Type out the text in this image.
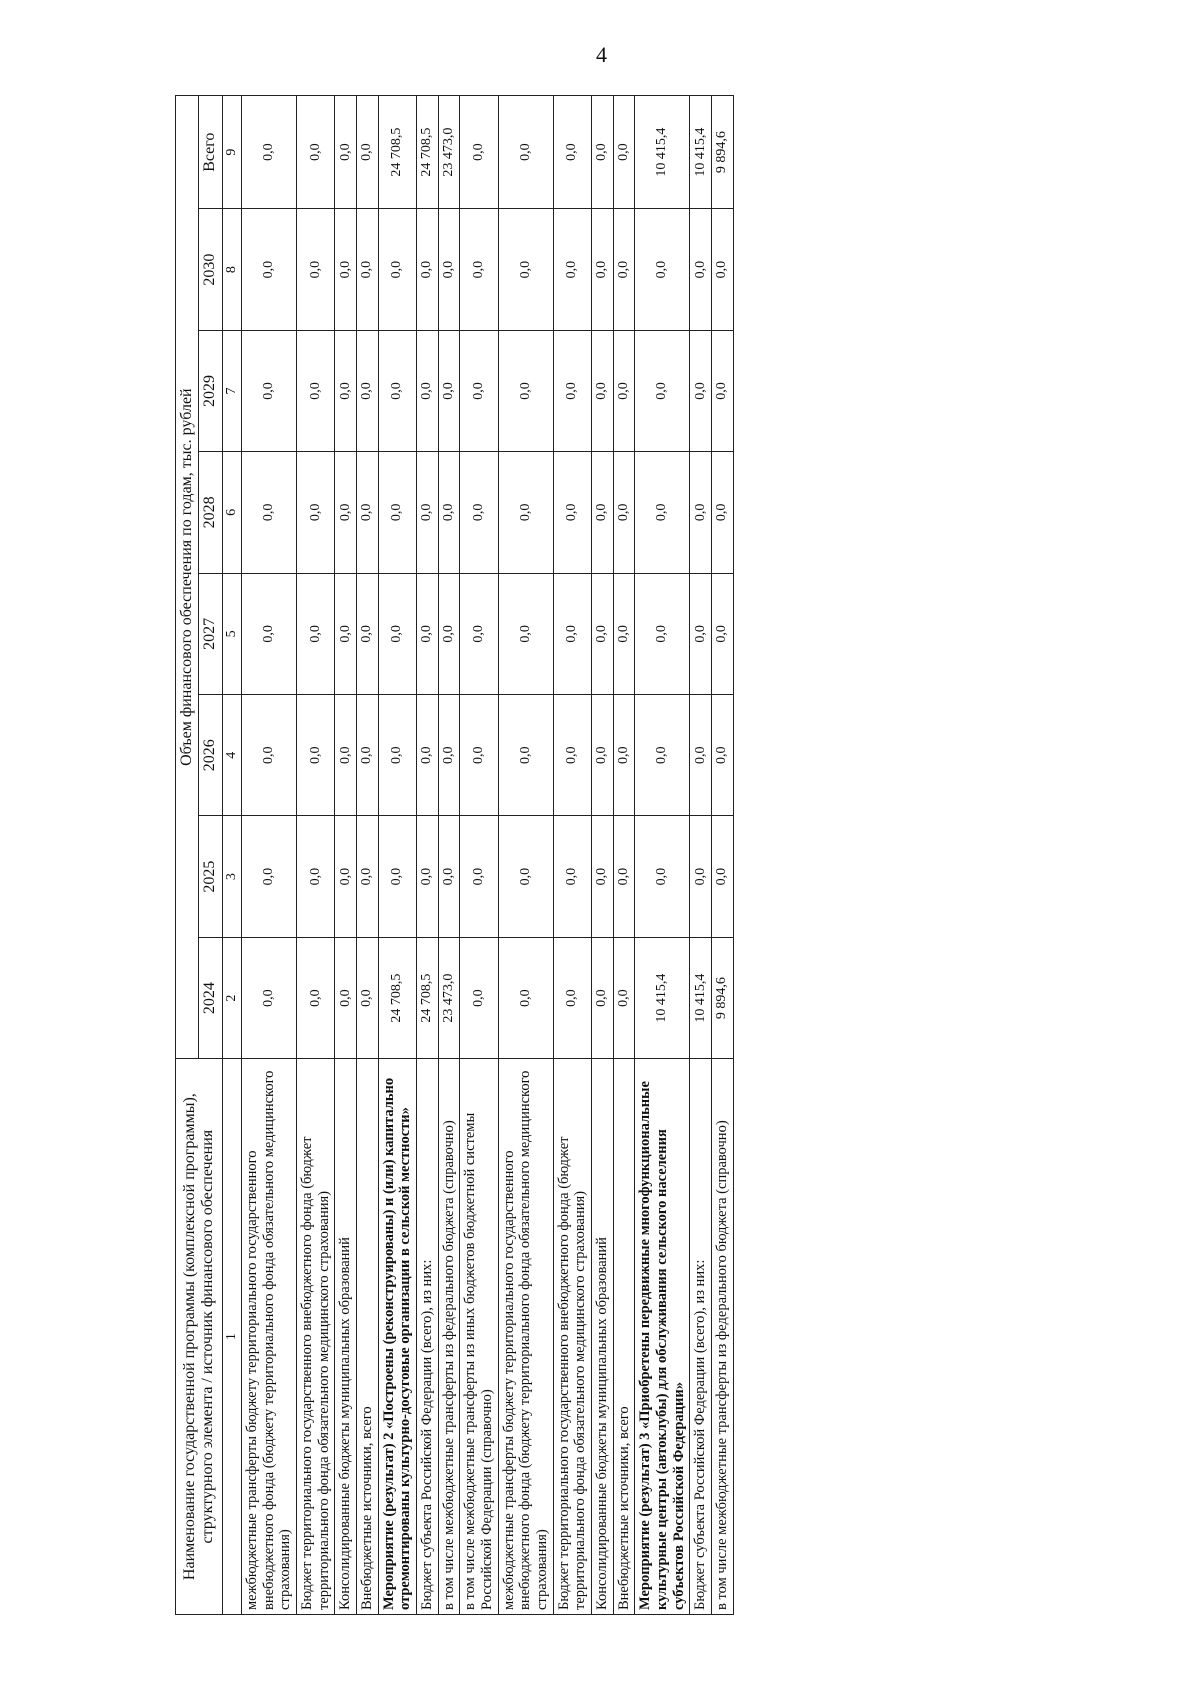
4
Наименование государственной программы (комплексной программы), структурного элемента / источник финансового обеспечения	Объем финансового обеспечения по годам, тыс. рублей							
	2024	2025	2026	2027	2028	2029	2030	Всего
1	2	3	4	5	6	7	8	9
межбюджетные трансферты бюджету территориального государственного внебюджетного фонда (бюджету территориального фонда обязательного медицинского страхования)	0,0	0,0	0,0	0,0	0,0	0,0	0,0	0,0
Бюджет территориального государственного внебюджетного фонда (бюджет территориального фонда обязательного медицинского страхования)	0,0	0,0	0,0	0,0	0,0	0,0	0,0	0,0
Консолидированные бюджеты муниципальных образований	0,0	0,0	0,0	0,0	0,0	0,0	0,0	0,0
Внебюджетные источники, всего	0,0	0,0	0,0	0,0	0,0	0,0	0,0	0,0
Мероприятие (результат) 2 «Построены (реконструированы) и (или) капитально отремонтированы культурно-досуговые организации в сельской местности»	24 708,5	0,0	0,0	0,0	0,0	0,0	0,0	24 708,5
Бюджет субъекта Российской Федерации (всего), из них:	24 708,5	0,0	0,0	0,0	0,0	0,0	0,0	24 708,5
в том числе межбюджетные трансферты из федерального бюджета (справочно)	23 473,0	0,0	0,0	0,0	0,0	0,0	0,0	23 473,0
в том числе межбюджетные трансферты из иных бюджетов бюджетной системы Российской Федерации (справочно)	0,0	0,0	0,0	0,0	0,0	0,0	0,0	0,0
межбюджетные трансферты бюджету территориального государственного внебюджетного фонда (бюджету территориального фонда обязательного медицинского страхования)	0,0	0,0	0,0	0,0	0,0	0,0	0,0	0,0
Бюджет территориального государственного внебюджетного фонда (бюджет территориального фонда обязательного медицинского страхования)	0,0	0,0	0,0	0,0	0,0	0,0	0,0	0,0
Консолидированные бюджеты муниципальных образований	0,0	0,0	0,0	0,0	0,0	0,0	0,0	0,0
Внебюджетные источники, всего	0,0	0,0	0,0	0,0	0,0	0,0	0,0	0,0
Мероприятие (результат) 3 «Приобретены передвижные многофункциональные культурные центры (автоклубы) для обслуживания сельского населения субъектов Российской Федерации»	10 415,4	0,0	0,0	0,0	0,0	0,0	0,0	10 415,4
Бюджет субъекта Российской Федерации (всего), из них:	10 415,4	0,0	0,0	0,0	0,0	0,0	0,0	10 415,4
в том числе межбюджетные трансферты из федерального бюджета (справочно)	9 894,6	0,0	0,0	0,0	0,0	0,0	0,0	9 894,6
